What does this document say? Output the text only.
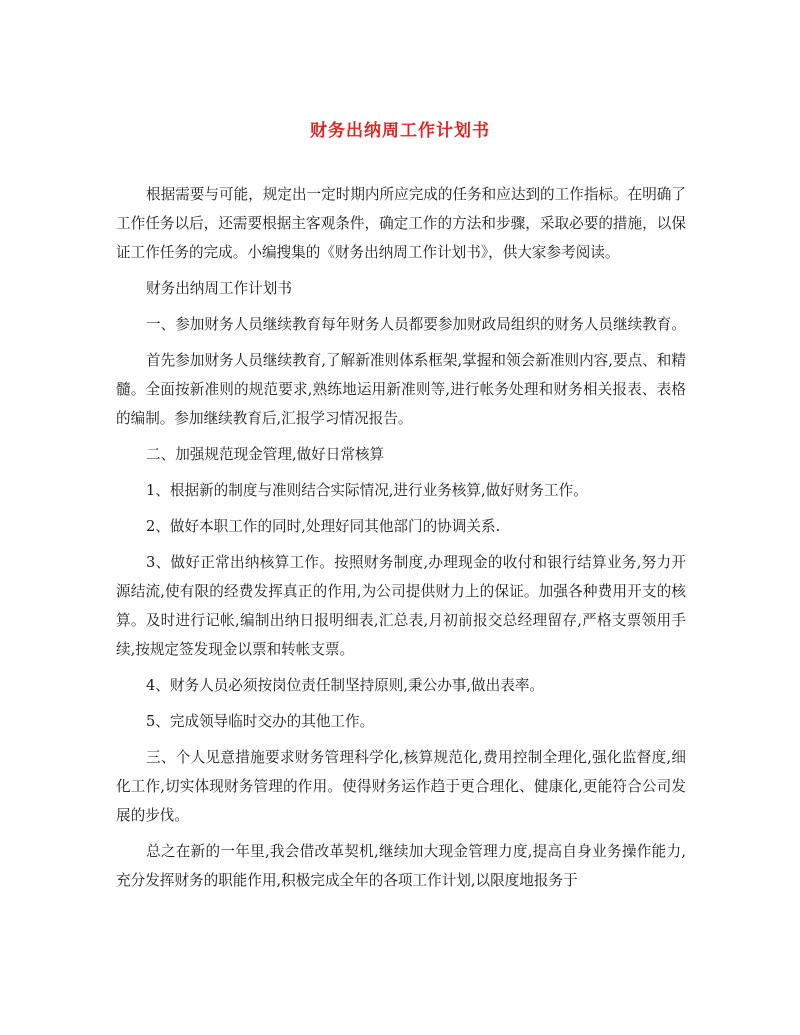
财务出纳周工作计划书

根据需要与可能，规定出一定时期内所应完成的任务和应达到的工作指标。在明确了工作任务以后，还需要根据主客观条件，确定工作的方法和步骤，采取必要的措施，以保证工作任务的完成。小编搜集的《财务出纳周工作计划书》，供大家参考阅读。

财务出纳周工作计划书

一、参加财务人员继续教育每年财务人员都要参加财政局组织的财务人员继续教育。

首先参加财务人员继续教育,了解新准则体系框架,掌握和领会新准则内容,要点、和精髓。全面按新准则的规范要求,熟练地运用新准则等,进行帐务处理和财务相关报表、表格的编制。参加继续教育后,汇报学习情况报告。

二、加强规范现金管理,做好日常核算

1、根据新的制度与准则结合实际情况,进行业务核算,做好财务工作。

2、做好本职工作的同时,处理好同其他部门的协调关系.

3、做好正常出纳核算工作。按照财务制度,办理现金的收付和银行结算业务,努力开源结流,使有限的经费发挥真正的作用,为公司提供财力上的保证。加强各种费用开支的核算。及时进行记帐,编制出纳日报明细表,汇总表,月初前报交总经理留存,严格支票领用手续,按规定签发现金以票和转帐支票。

4、财务人员必须按岗位责任制坚持原则,秉公办事,做出表率。

5、完成领导临时交办的其他工作。

三、个人见意措施要求财务管理科学化,核算规范化,费用控制全理化,强化监督度,细化工作,切实体现财务管理的作用。使得财务运作趋于更合理化、健康化,更能符合公司发展的步伐。

总之在新的一年里,我会借改革契机,继续加大现金管理力度,提高自身业务操作能力,充分发挥财务的职能作用,积极完成全年的各项工作计划,以限度地报务于
